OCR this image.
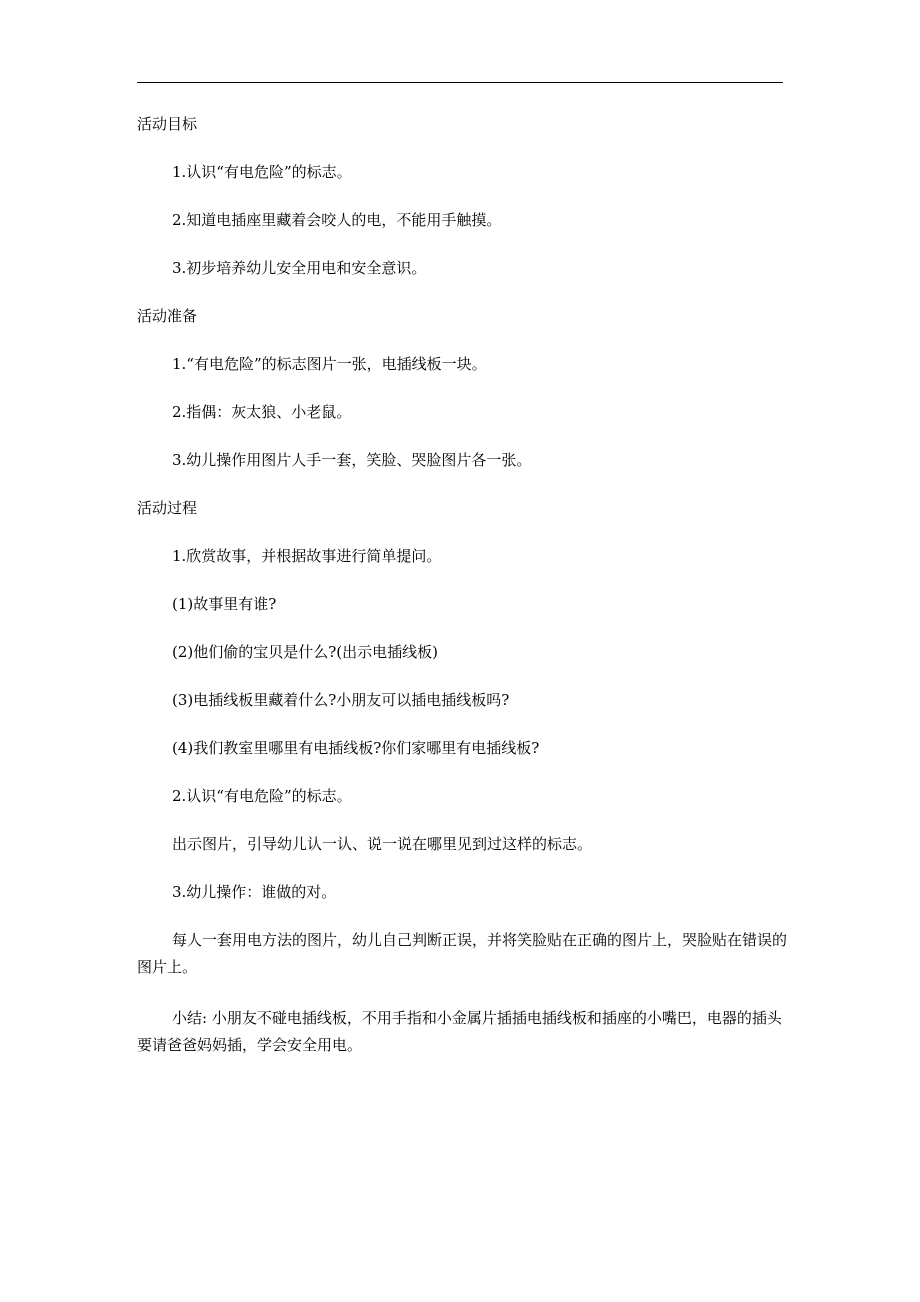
活动目标
1.认识“有电危险”的标志。
2.知道电插座里藏着会咬人的电，不能用手触摸。
3.初步培养幼儿安全用电和安全意识。
活动准备
1.“有电危险”的标志图片一张，电插线板一块。
2.指偶：灰太狼、小老鼠。
3.幼儿操作用图片人手一套，笑脸、哭脸图片各一张。
活动过程
1.欣赏故事，并根据故事进行简单提问。
(1)故事里有谁?
(2)他们偷的宝贝是什么?(出示电插线板)
(3)电插线板里藏着什么?小朋友可以插电插线板吗?
(4)我们教室里哪里有电插线板?你们家哪里有电插线板?
2.认识“有电危险”的标志。
出示图片，引导幼儿认一认、说一说在哪里见到过这样的标志。
3.幼儿操作：谁做的对。
每人一套用电方法的图片，幼儿自己判断正误，并将笑脸贴在正确的图片上，哭脸贴在错误的图片上。
小结: 小朋友不碰电插线板，不用手指和小金属片插插电插线板和插座的小嘴巴，电器的插头要请爸爸妈妈插，学会安全用电。
